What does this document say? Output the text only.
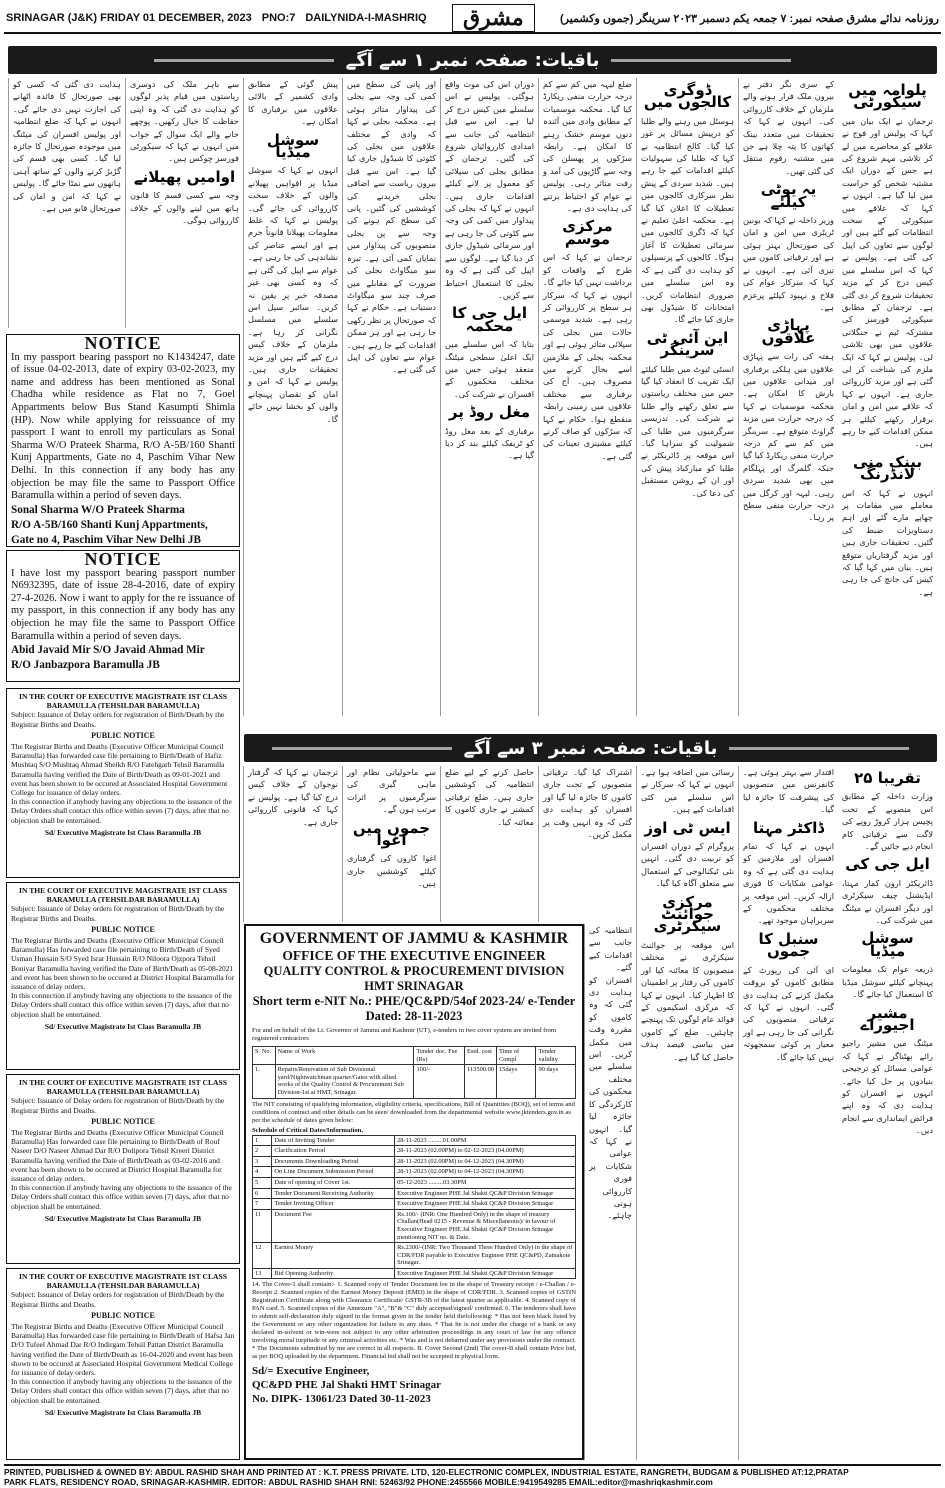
SRINAGAR (J&K) FRIDAY 01 DECEMBER, 2023 PNO:7 DAILYNIDA-I-MASHRIQ	مشرق	روزنامہ ندائے مشرق صفحہ نمبر: ۷ جمعہ یکم دسمبر ۲۰۲۳ سرینگر (جموں وکشمیر)
باقیات: صفحہ نمبر ۱ سے آگے
پلوامہ میں سیکورٹی
ترجمان نے ایک بیان میں کہا کہ پولیس اور فوج نے علاقے کو محاصرے میں لے کر تلاشی مہم شروع کی ہے جس کے دوران ایک مشتبہ شخص کو حراست میں لیا گیا ہے۔ انہوں نے کہا کہ علاقے میں سیکورٹی کے سخت انتظامات کیے گئے ہیں اور لوگوں سے تعاون کی اپیل کی گئی ہے۔ پولیس نے کہا کہ اس سلسلے میں کیس درج کر کے مزید تحقیقات شروع کر دی گئی ہے۔ ترجمان کے مطابق سیکورٹی فورسز کی مشترکہ ٹیم نے جنگلاتی علاقوں میں بھی تلاشی لی۔ پولیس نے کہا کہ ایک ملزم کی شناخت کر لی گئی ہے اور مزید کارروائی جاری ہے۔ انہوں نے کہا کہ علاقے میں امن و امان برقرار رکھنے کیلئے ہر ممکن اقدامات کیے جا رہے ہیں۔
بینک منی لانڈرنگ
انہوں نے کہا کہ اس معاملے میں مقامات پر چھاپے مارے گئے اور اہم دستاویزات ضبط کی گئیں۔ تحقیقات جاری ہیں اور مزید گرفتاریاں متوقع ہیں۔ بیان میں کہا گیا کہ کیس کی جانچ کی جا رہی ہے۔
کے سری نگر دفتر نے بیرون ملک فرار ہونے والے ملزمان کے خلاف کارروائی کی۔ انہوں نے کہا کہ تحقیقات میں متعدد بینک کھاتوں کا پتہ چلا ہے جن میں مشتبہ رقوم منتقل کی گئی تھیں۔
یہ یوٹی کیلئے
وزیر داخلہ نے کہا کہ یونین ٹریٹری میں امن و امان کی صورتحال بہتر ہوئی ہے اور ترقیاتی کاموں میں تیزی آئی ہے۔ انہوں نے کہا کہ سرکار عوام کی فلاح و بہبود کیلئے پرعزم ہے۔
پہاڑی علاقوں
ہفتہ کی رات سے پہاڑی علاقوں میں ہلکی برفباری اور میدانی علاقوں میں بارش کا امکان ہے۔ محکمہ موسمیات نے کہا کہ درجہ حرارت میں مزید گراوٹ متوقع ہے۔ سرینگر میں کم سے کم درجہ حرارت منفی ریکارڈ کیا گیا جبکہ گلمرگ اور پہلگام میں بھی شدید سردی رہی۔ لیہہ اور کرگل میں درجہ حرارت منفی سطح پر رہا۔
ڈوگری کالجوں میں
ہوسٹل میں رہنے والے طلبا کو درپیش مسائل پر غور کیا گیا۔ کالج انتظامیہ نے کہا کہ طلبا کی سہولیات کیلئے اقدامات کیے جا رہے ہیں۔ شدید سردی کے پیش نظر سرکاری کالجوں میں تعطیلات کا اعلان کیا گیا ہے۔ محکمہ اعلیٰ تعلیم نے کہا کہ ڈگری کالجوں میں سرمائی تعطیلات کا آغاز ہوگا۔ کالجوں کے پرنسپلوں کو ہدایت دی گئی ہے کہ وہ اس سلسلے میں ضروری انتظامات کریں۔ امتحانات کا شیڈول بھی جاری کیا جائے گا۔
این آئی ٹی سرینگر
انسٹی ٹیوٹ میں طلبا کیلئے ایک تقریب کا انعقاد کیا گیا جس میں مختلف ریاستوں سے تعلق رکھنے والے طلبا نے شرکت کی۔ تدریسی سرگرمیوں میں طلبا کی شمولیت کو سراہا گیا۔ اس موقعہ پر ڈائریکٹر نے طلبا کو مبارکباد پیش کی اور ان کے روشن مستقبل کی دعا کی۔
ضلع لیہہ میں کم سے کم درجہ حرارت منفی ریکارڈ کیا گیا۔ محکمہ موسمیات کے مطابق وادی میں آئندہ دنوں موسم خشک رہنے کا امکان ہے۔ رابطہ سڑکوں پر پھسلن کی وجہ سے گاڑیوں کی آمد و رفت متاثر رہی۔ پولیس نے عوام کو احتیاط برتنے کی ہدایت دی ہے۔
مرکزی موسم
ترجمان نے کہا کہ اس طرح کے واقعات کو برداشت نہیں کیا جائے گا۔ انہوں نے کہا کہ سرکار ہر سطح پر کارروائی کر رہی ہے۔ شدید موسمی حالات میں بجلی کی سپلائی متاثر ہوئی ہے اور محکمہ بجلی کے ملازمین اسے بحال کرنے میں مصروف ہیں۔ آج کی برفباری سے مختلف علاقوں میں زمینی رابطہ منقطع ہوا۔ حکام نے کہا کہ سڑکوں کو صاف کرنے کیلئے مشینری تعینات کی گئی ہے۔
دوران اس کی موت واقع ہوگئی۔ پولیس نے اس سلسلے میں کیس درج کر لیا ہے۔ اس سے قبل انتظامیہ کی جانب سے امدادی کارروائیاں شروع کی گئیں۔ ترجمان کے مطابق بجلی کی سپلائی کو معمول پر لانے کیلئے اقدامات جاری ہیں۔ انہوں نے کہا کہ بجلی کی پیداوار میں کمی کی وجہ سے کٹوتی کی جا رہی ہے اور سرمائی شیڈول جاری کر دیا گیا ہے۔ لوگوں سے اپیل کی گئی ہے کہ وہ بجلی کا استعمال احتیاط سے کریں۔
ایل جی کا محکمہ
بتایا کہ اس سلسلے میں ایک اعلیٰ سطحی میٹنگ منعقد ہوئی جس میں مختلف محکموں کے افسران نے شرکت کی۔
مغل روڈ پر
برفباری کے بعد مغل روڈ کو ٹریفک کیلئے بند کر دیا گیا ہے۔
اور پانی کی سطح میں کمی کی وجہ سے بجلی کی پیداوار متاثر ہوئی ہے۔ محکمہ بجلی نے کہا کہ وادی کے مختلف علاقوں میں بجلی کی کٹوتی کا شیڈول جاری کیا گیا ہے۔ اس سے قبل بیرون ریاست سے اضافی بجلی خریدنے کی کوششیں کی گئیں۔ پانی کی سطح کم ہونے کی وجہ سے پن بجلی منصوبوں کی پیداوار میں نمایاں کمی آئی ہے۔ تیرہ سو میگاواٹ بجلی کی ضرورت کے مقابلے میں صرف چند سو میگاواٹ دستیاب ہے۔ حکام نے کہا کہ صورتحال پر نظر رکھی جا رہی ہے اور ہر ممکن اقدامات کیے جا رہے ہیں۔ عوام سے تعاون کی اپیل کی گئی ہے۔
پیش گوئی کے مطابق وادی کشمیر کے بالائی علاقوں میں برفباری کا امکان ہے۔
سوشل میڈیا
انہوں نے کہا کہ سوشل میڈیا پر افواہیں پھیلانے والوں کے خلاف سخت کارروائی کی جائے گی۔ پولیس نے کہا کہ غلط معلومات پھیلانا قانوناً جرم ہے اور ایسے عناصر کی نشاندہی کی جا رہی ہے۔ عوام سے اپیل کی گئی ہے کہ وہ کسی بھی غیر مصدقہ خبر پر یقین نہ کریں۔ سائبر سیل اس سلسلے میں مسلسل نگرانی کر رہا ہے۔ ملزمان کے خلاف کیس درج کیے گئے ہیں اور مزید تحقیقات جاری ہیں۔ پولیس نے کہا کہ امن و امان کو نقصان پہنچانے والوں کو بخشا نہیں جائے گا۔
سے باہر ملک کی دوسری ریاستوں میں قیام پذیر لوگوں کو ہدایت دی گئی کہ وہ اپنی حفاظت کا خیال رکھیں۔ پوچھے جانے والے ایک سوال کے جواب میں انہوں نے کہا کہ سیکورٹی فورسز چوکس ہیں۔
اوامیں پھیلانے
وجہ سے کسی قسم کا قانون ہاتھ میں لینے والوں کے خلاف کارروائی ہوگی۔
ہدایت دی گئی کہ کسی کو بھی صورتحال کا فائدہ اٹھانے کی اجازت نہیں دی جائے گی۔ انہوں نے کہا کہ ضلع انتظامیہ اور پولیس افسران کی میٹنگ میں موجودہ صورتحال کا جائزہ لیا گیا۔ کسی بھی قسم کی گڑبڑ کرنے والوں کے ساتھ آہنی ہاتھوں سے نمٹا جائے گا۔ پولیس نے کہا کہ امن و امان کی صورتحال قابو میں ہے۔
NOTICE
In my passport bearing passport no K1434247, date of issue 04-02-2013, date of expiry 03-02-2023, my name and address has been mentioned as Sonal Chadha while residence as Flat no 7, Goel Appartments below Bus Stand Kasumpti Shimla (HP). Now while applying for reissuance of my passport I want to enroll my particulars as Sonal Sharma W/O Prateek Sharma, R/O A-5B/160 Shanti Kunj Appartments, Gate no 4, Paschim Vihar New Delhi. In this connection if any body has any objection be may file the same to Passport Office Baramulla within a period of seven days.
Sonal Sharma W/O Prateek Sharma
R/O A-5B/160 Shanti Kunj Appartments,
Gate no 4, Paschim Vihar New Delhi JB
NOTICE
I have lost my passport bearing passport number N6932395, date of issue 28-4-2016, date of expiry 27-4-2026. Now i want to apply for the re issuance of my passport, in this connection if any body has any objection he may file the same to Passport Office Baramulla within a period of seven days.
Abid Javaid Mir S/O Javaid Ahmad Mir
R/O Janbazpora Baramulla JB
IN THE COURT OF EXECUTIVE MAGISTRATE IST CLASS BARAMULLA (TEHSILDAR BARAMULLA)
Subject: Issuance of Delay orders for registration of Birth/Death by the Registrar Births and Deaths.
PUBLIC NOTICE
The Registrar Births and Deaths (Executive Officer Municipal Council Baramulla) Has forwarded case file pertaining to Birth/Death of Hafiz Mushtaq S/O Mushtaq Ahmad Sheikh R/O Fatehgarh Tehsil Baramulla Baramulla having verified the Date of Birth/Death as 09-01-2021 and event has been shown to be occured at Associated Hospital Government College for issuance of delay orders.
In this connection if anybody having any objections to the issuance of the Delay Orders shall contact this office within seven (7) days, after that no objection shall be entertained.
Sd/ Executive Magistrate Ist Class Baramulla JB
IN THE COURT OF EXECUTIVE MAGISTRATE IST CLASS BARAMULLA (TEHSILDAR BARAMULLA)
Subject: Issuance of Delay orders for registration of Birth/Death by the Registrar Births and Deaths.
PUBLIC NOTICE
The Registrar Births and Deaths (Executive Officer Municipal Council Baramulla) Has forwarded case file pertaining to Birth/Death of Syed Usman Hussain S/O Syed Israr Hussain R/O Niloora Ojzpora Tehsil Boniyar Baramulla having verified the Date of Birth/Death as 05-08-2021 and event has been shown to be occured at District Hospital Baramulla for issuance of delay orders.
In this connection if anybody having any objections to the issuance of the Delay Orders shall contact this office within seven (7) days, after that no objection shall be entertained.
Sd/ Executive Magistrate Ist Class Baramulla JB
IN THE COURT OF EXECUTIVE MAGISTRATE IST CLASS BARAMULLA (TEHSILDAR BARAMULLA)
Subject: Issuance of Delay orders for registration of Birth/Death by the Registrar Births and Deaths.
PUBLIC NOTICE
The Registrar Births and Deaths (Executive Officer Municipal Council Baramulla) Has forwarded case file pertaining to Birth/Death of Rouf Naseer D/O Naseer Ahmad Dar R/O Dolipora Tehsil Kreeri District Baramulla having verified the Date of Birth/Death as 03-02-2016 and event has been shown to be occured at District Hospital Baramulla for issuance of delay orders.
In this connection if anybody having any objections to the issuance of the Delay Orders shall contact this office within seven (7) days, after that no objection shall be entertained.
Sd/ Executive Magistrate Ist Class Baramulla JB
IN THE COURT OF EXECUTIVE MAGISTRATE IST CLASS BARAMULLA (TEHSILDAR BARAMULLA)
Subject: Issuance of Delay orders for registration of Birth/Death by the Registrar Births and Deaths.
PUBLIC NOTICE
The Registrar Births and Deaths (Executive Officer Municipal Council Baramulla) Has forwarded case file pertaining to Birth/Death of Hafsa Jan D/O Tufeel Ahmad Dar R/O Indirgam Tehsil Pattan District Baramulla having verified the Date of Birth/Death as 16-04-2020 and event has been shown to be occured at Associated Hospital Government Medical College for issuance of delay orders.
In this connection if anybody having any objections to the issuance of the Delay Orders shall contact this office within seven (7) days, after that no objection shall be entertained.
Sd/ Executive Magistrate Ist Class Baramulla JB
باقیات: صفحہ نمبر ۳ سے آگے
تقریبا ۲۵
وزارت داخلہ کے مطابق اس منصوبے کے تحت پچیس ہزار کروڑ روپے کی لاگت سے ترقیاتی کام انجام دیے جائیں گے۔
ایل جی کی
ڈائریکٹر ارون کمار مہتا، ایڈیشنل چیف سیکرٹری اور دیگر افسران نے میٹنگ میں شرکت کی۔
سوشل میڈیا
ذریعہ عوام تک معلومات پہنچانے کیلئے سوشل میڈیا کا استعمال کیا جائے گا۔
مشیر اجیوراے
میٹنگ میں مشیر راجیو رائے بھٹناگر نے کہا کہ عوامی مسائل کو ترجیحی بنیادوں پر حل کیا جائے۔ انہوں نے افسران کو ہدایت دی کہ وہ اپنے فرائض ایمانداری سے انجام دیں۔
اقتدار سے بہتر ہوئی ہے۔ کانفرنس میں منصوبوں کی پیشرفت کا جائزہ لیا گیا۔
ڈاکٹر مہتا
انہوں نے کہا کہ تمام افسران اور ملازمین کو ہدایت دی گئی ہے کہ وہ عوامی شکایات کا فوری ازالہ کریں۔ اس موقعہ پر مختلف محکموں کے سربراہان موجود تھے۔
سنبل کا جموں
ای آئی کی رپورٹ کے مطابق کاموں کو بروقت مکمل کرنے کی ہدایت دی گئی۔ انہوں نے کہا کہ ترقیاتی منصوبوں کی نگرانی کی جا رہی ہے اور معیار پر کوئی سمجھوتہ نہیں کیا جائے گا۔
رسائی میں اضافہ ہوا ہے۔ انہوں نے کہا کہ سرکار نے اس سلسلے میں کئی اقدامات کیے ہیں۔
ایس ٹی اوز
پروگرام کے دوران افسران کو تربیت دی گئی۔ انہیں نئی ٹیکنالوجی کے استعمال سے متعلق آگاہ کیا گیا۔
مرکزی جوائنٹ سیکرٹری
اس موقعہ پر جوائنٹ سیکرٹری نے مختلف منصوبوں کا معائنہ کیا اور کاموں کی رفتار پر اطمینان کا اظہار کیا۔ انہوں نے کہا کہ مرکزی اسکیموں کے فوائد عام لوگوں تک پہنچنے چاہئیں۔ ضلع کے کاموں میں بیاسی فیصد ہدف حاصل کیا گیا ہے۔
اشتراک کیا گیا۔ ترقیاتی منصوبوں کے تحت جاری کاموں کا جائزہ لیا گیا اور افسران کو ہدایت دی گئی کہ وہ انہیں وقت پر مکمل کریں۔
حاصل کرنے کے لیے ضلع انتظامیہ کی کوششیں جاری ہیں۔ ضلع ترقیاتی کمشنر نے جاری کاموں کا معائنہ کیا۔
سے ماحولیاتی نظام اور ماہی گیری کی سرگرمیوں پر اثرات مرتب ہوں گے۔
جموں میں اغوا
اغوا کاروں کی گرفتاری کیلئے کوششیں جاری ہیں۔
ترجمان نے کہا کہ گرفتار نوجوان کے خلاف کیس درج کیا گیا ہے۔ پولیس نے کہا کہ قانونی کارروائی جاری ہے۔
GOVERNMENT OF JAMMU & KASHMIR
OFFICE OF THE EXECUTIVE ENGINEER
QUALITY CONTROL & PROCUREMENT DIVISION
HMT SRINAGAR
Short term e-NIT No.: PHE/QC&PD/54of 2023-24/ e-Tender
Dated: 28-11-2023
For and on behalf of the Lt. Governor of Jammu and Kashmir (UT), e-tenders in two cover system are invited from registered contractors
S. No.	Name of Work	Tender doc. Fee (Rs)	Estd. cost	Time of Compl	Tender validity
1.	Repairs/Renovation of Sub Divisional yard/Nightwatchman quarter/Gates with allied works of the Quality Control & Procurement Sub Division-1st at HMT, Srinagar.	100/-	113500.00	15days	90 days
The NIT consisting of qualifying information, eligibility criteria, specifications, Bill of Quantities (BOQ), set of terms and conditions of contract and other details can be seen/ downloaded from the departmental website www.jktenders.gov.in as per the schedule of dates given below:
Schedule of Critical Dates/Information.
1	Date of Inviting Tender	28-11-2023 .........01.00PM
2	Clarification Period	28-11-2023 (02.00PM) to 02-12-2023 (04.00PM)
3	Documents Downloading Period	28-11-2023 (02.00PM) to 04-12-2023 (04.30PM)
4	On Line Document Submission Period	28-11-2023 (02.00PM) to 04-12-2023 (04.30PM)
5	Date of opening of Cover 1st.	05-12-2023 .........03.30PM
6	Tender Document Receiving Authority	Executive Engineer PHE Jal Shakti QC&P Division Srinagar
7	Tender Inviting Officer	Executive Engineer PHE Jal Shakti QC&P Division Srinagar
11	Document Fee	Rs.100/- (INR: One Hundred Only) in the shape of treasury Challan(Head 0215 - Revenue & Miscellaneous)/ in favour of Executive Engineer PHE Jal Shakti QC&P Division Srinagar mentioning NIT no. & Date.
12	Earnest Money	Rs.2300/-(INR: Two Thousand Three Hundred Only) in the shape of CDR/FDR payable to Executive Engineer PHE QC&PD, Zainakote Srinagar.
13	Bid Opening Authority	Executive Engineer PHE Jal Shakti QC&P Division Srinagar
14. The Cover-1 shall contain:- 1. Scanned copy of Tender Document fee in the shape of Treasury receipt / e-Challan / e-Receipt 2. Scanned copies of the Earnest Money Deposit (EMD) in the shape of CDR/FDR. 3. Scanned copies of GSTIN Registration Certificate along with Clearance Certificate/ GSTR-3B of the latest quarter as applicable. 4. Scanned copy of PAN card. 5. Scanned copies of the Annexure "A", "B"& "C" duly accepted/signed/ confirmed. 6. The tenderers shall have to submit self-declaration duly signed in the format given in the tender held thefollowing: * Has not been black listed by the Government or any other organization for failure to any dues. * That he is not under the charge of a bank or any declared in-solvent or win-were not subject to any other arbitration proceedings in any court of law for any offence involving moral turpitude or any criminal activities etc. * Was and is not debarred under any provisions under the contract. * The Documents submitted by me are correct in all respects. B. Cover Second (2nd) The cover-II shall contain Price bid, as per BOQ uploaded by the department. Financial bid shall not be accepted in physical form.
Sd/= Executive Engineer,
QC&PD PHE Jal Shakti HMT Srinagar
No. DIPK- 13061/23 Dated 30-11-2023
انتظامیہ کی جانب سے اقدامات کیے گئے۔ افسران کو ہدایت دی گئی کہ وہ کاموں کو مقررہ وقت میں مکمل کریں۔ اس سلسلے میں مختلف محکموں کی کارکردگی کا جائزہ لیا گیا۔ انہوں نے کہا کہ عوامی شکایات پر فوری کارروائی ہونی چاہئے۔
PRINTED, PUBLISHED & OWNED BY: ABDUL RASHID SHAH AND PRINTED AT : K.T. PRESS PRIVATE. LTD, 120-ELECTRONIC COMPLEX, INDUSTRIAL ESTATE, RANGRETH, BUDGAM & PUBLISHED AT:12,PRATAP
PARK FLATS, RESIDENCY ROAD, SRINAGAR-KASHMIR. EDITOR: ABDUL RASHID SHAH RNI: 52463/92 PHONE:2455566 MOBILE:9419549285 EMAIL:editor@mashriqkashmir.com
